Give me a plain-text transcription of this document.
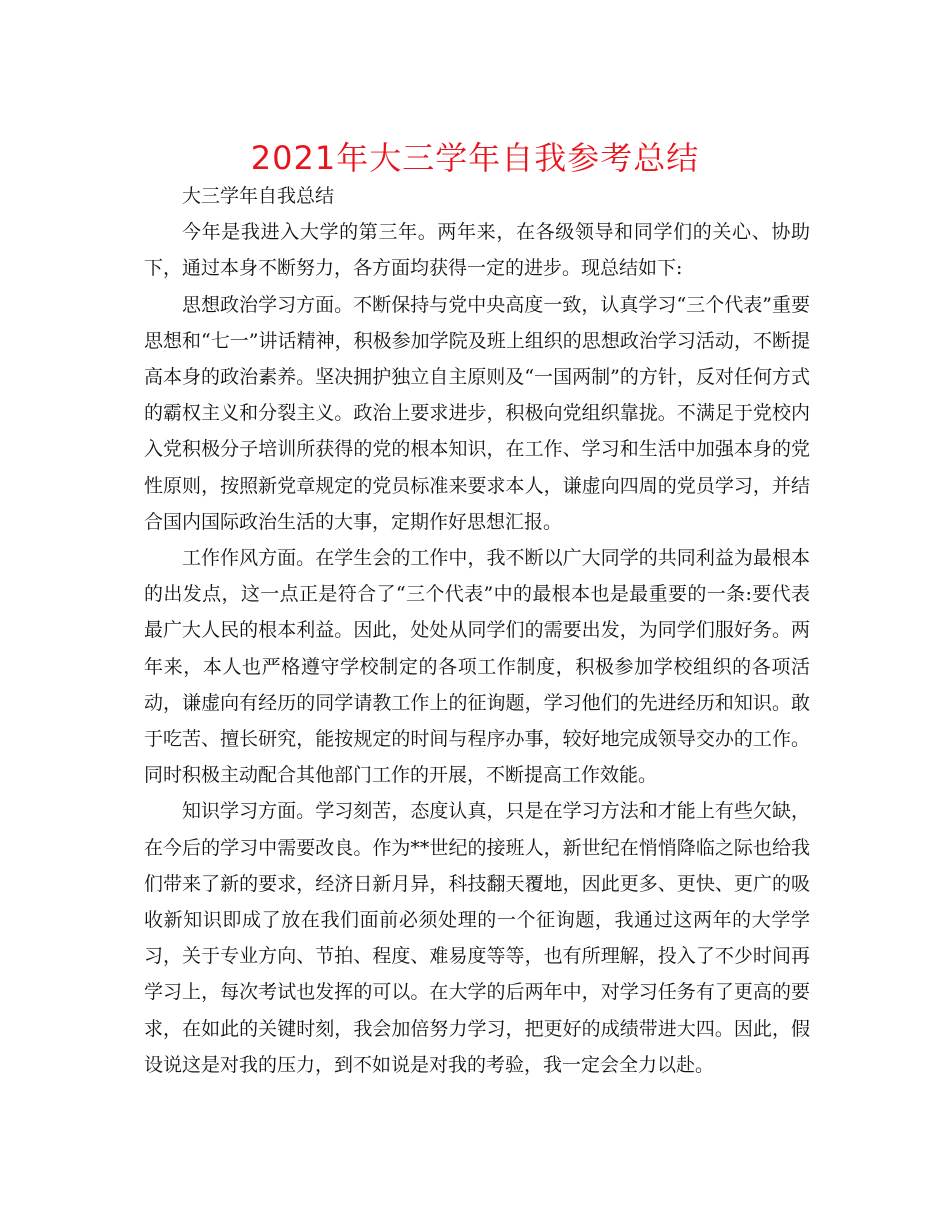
2021年大三学年自我参考总结

大三学年自我总结

今年是我进入大学的第三年。两年来，在各级领导和同学们的关心、协助下，通过本身不断努力，各方面均获得一定的进步。现总结如下:

思想政治学习方面。不断保持与党中央高度一致，认真学习“三个代表”重要思想和“七一”讲话精神，积极参加学院及班上组织的思想政治学习活动，不断提高本身的政治素养。坚决拥护独立自主原则及“一国两制”的方针，反对任何方式的霸权主义和分裂主义。政治上要求进步，积极向党组织靠拢。不满足于党校内入党积极分子培训所获得的党的根本知识，在工作、学习和生活中加强本身的党性原则，按照新党章规定的党员标准来要求本人，谦虚向四周的党员学习，并结合国内国际政治生活的大事，定期作好思想汇报。

工作作风方面。在学生会的工作中，我不断以广大同学的共同利益为最根本的出发点，这一点正是符合了“三个代表”中的最根本也是最重要的一条:要代表最广大人民的根本利益。因此，处处从同学们的需要出发，为同学们服好务。两年来，本人也严格遵守学校制定的各项工作制度，积极参加学校组织的各项活动，谦虚向有经历的同学请教工作上的征询题，学习他们的先进经历和知识。敢于吃苦、擅长研究，能按规定的时间与程序办事，较好地完成领导交办的工作。同时积极主动配合其他部门工作的开展，不断提高工作效能。

知识学习方面。学习刻苦，态度认真，只是在学习方法和才能上有些欠缺，在今后的学习中需要改良。作为**世纪的接班人，新世纪在悄悄降临之际也给我们带来了新的要求，经济日新月异，科技翻天覆地，因此更多、更快、更广的吸收新知识即成了放在我们面前必须处理的一个征询题，我通过这两年的大学学习，关于专业方向、节拍、程度、难易度等等，也有所理解，投入了不少时间再学习上，每次考试也发挥的可以。在大学的后两年中，对学习任务有了更高的要求，在如此的关键时刻，我会加倍努力学习，把更好的成绩带进大四。因此，假设说这是对我的压力，到不如说是对我的考验，我一定会全力以赴。
